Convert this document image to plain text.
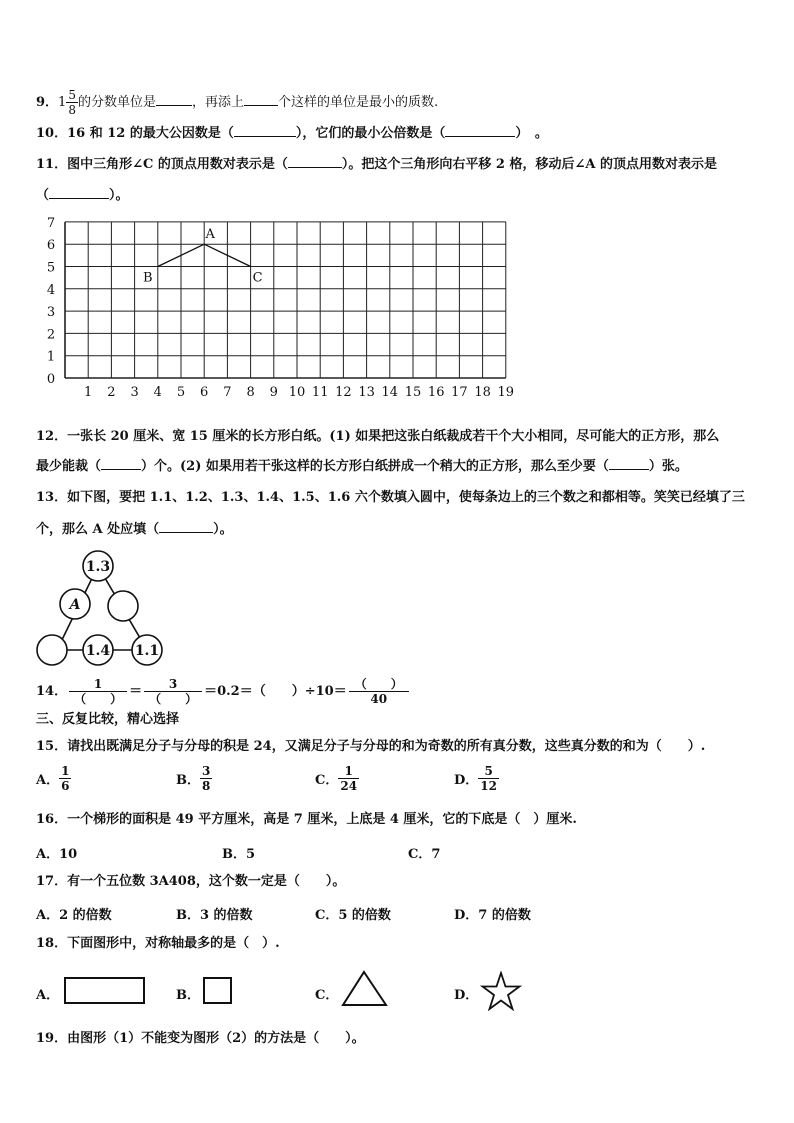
9．$1 \frac{5}{8}$ 的分数单位是	，再添上	个这样的单位是最小的质数.
10．16 和 12 的最大公因数是（	），它们的最小公倍数是（	）　。
11．图中三角形∠C 的顶点用数对表示是（	）。把这个三角形向右平移 2 格，移动后∠A 的顶点用数对表示是
（	）。
1 2 3 4 5 6 7 8 9 10 11 12 13 14 15 16 17 18 19
0
1
2
3
4
5
6
7
A
B	C
12．一张长 20 厘米、宽 15 厘米的长方形白纸。(1) 如果把这张白纸裁成若干个大小相同，尽可能大的正方形，那么
最少能裁（	）个。(2) 如果用若干张这样的长方形白纸拼成一个稍大的正方形，那么至少要（	）张。
13．如下图，要把 1.1、1.2、1.3、1.4、1.5、1.6 六个数填入圆中，使每条边上的三个数之和都相等。笑笑已经填了三
个，那么 A 处应填（	）。
1.3
A
1.4 1.1
14． $\frac{1}{( )} = \frac{3}{( )} =0.2=$（　　）$\div 10= \frac{( )}{40}$
三、反复比较，精心选择
15．请找出既满足分子与分母的积是 24，又满足分子与分母的和为奇数的所有真分数，这些真分数的和为（　　）.
A． $\frac{1}{6}$	B． $\frac{3}{8}$	C． $\frac{1}{24}$	D． $\frac{5}{12}$
16．一个梯形的面积是 49 平方厘米，高是 7 厘米，上底是 4 厘米，它的下底是（　）厘米.
A．10	B．5	C．7
17．有一个五位数 3A408，这个数一定是（　　）。
A．2 的倍数	B．3 的倍数	C．5 的倍数	D．7 的倍数
18．下面图形中，对称轴最多的是（　）.
A．	B．	C．	D．
19．由图形（1）不能变为图形（2）的方法是（　　）。
